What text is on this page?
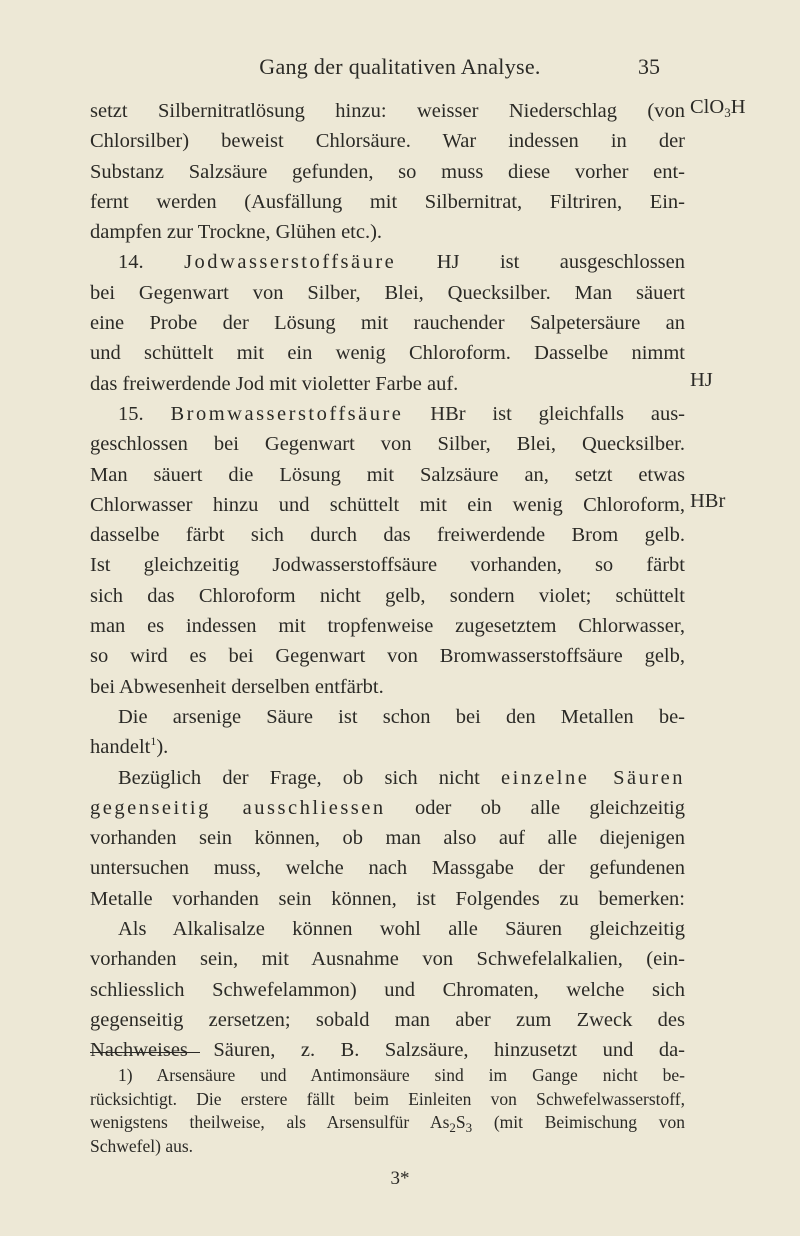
Gang der qualitativen Analyse.	35
ClO$_3$H
HJ
HBr
setzt Silbernitratlösung hinzu: weisser Niederschlag (von
Chlorsilber) beweist Chlorsäure. War indessen in der
Substanz Salzsäure gefunden, so muss diese vorher ent-
fernt werden (Ausfällung mit Silbernitrat, Filtriren, Ein-
dampfen zur Trockne, Glühen etc.).
14. Jodwasserstoffsäure HJ ist ausgeschlossen
bei Gegenwart von Silber, Blei, Quecksilber. Man säuert
eine Probe der Lösung mit rauchender Salpetersäure an
und schüttelt mit ein wenig Chloroform. Dasselbe nimmt
das freiwerdende Jod mit violetter Farbe auf.
15. Bromwasserstoffsäure HBr ist gleichfalls aus-
geschlossen bei Gegenwart von Silber, Blei, Quecksilber.
Man säuert die Lösung mit Salzsäure an, setzt etwas
Chlorwasser hinzu und schüttelt mit ein wenig Chloroform,
dasselbe färbt sich durch das freiwerdende Brom gelb.
Ist gleichzeitig Jodwasserstoffsäure vorhanden, so färbt
sich das Chloroform nicht gelb, sondern violet; schüttelt
man es indessen mit tropfenweise zugesetztem Chlorwasser,
so wird es bei Gegenwart von Bromwasserstoffsäure gelb,
bei Abwesenheit derselben entfärbt.
Die arsenige Säure ist schon bei den Metallen be-
handelt$^1$).
Bezüglich der Frage, ob sich nicht einzelne Säuren
gegenseitig ausschliessen oder ob alle gleichzeitig
vorhanden sein können, ob man also auf alle diejenigen
untersuchen muss, welche nach Massgabe der gefundenen
Metalle vorhanden sein können, ist Folgendes zu bemerken:
Als Alkalisalze können wohl alle Säuren gleichzeitig
vorhanden sein, mit Ausnahme von Schwefelalkalien, (ein-
schliesslich Schwefelammon) und Chromaten, welche sich
gegenseitig zersetzen; sobald man aber zum Zweck des
Nachweises Säuren, z. B. Salzsäure, hinzusetzt und da-
1) Arsensäure und Antimonsäure sind im Gange nicht be-
rücksichtigt. Die erstere fällt beim Einleiten von Schwefelwasserstoff,
wenigstens theilweise, als Arsensulfür $As_2S_3$ (mit Beimischung von
Schwefel) aus.
3*
